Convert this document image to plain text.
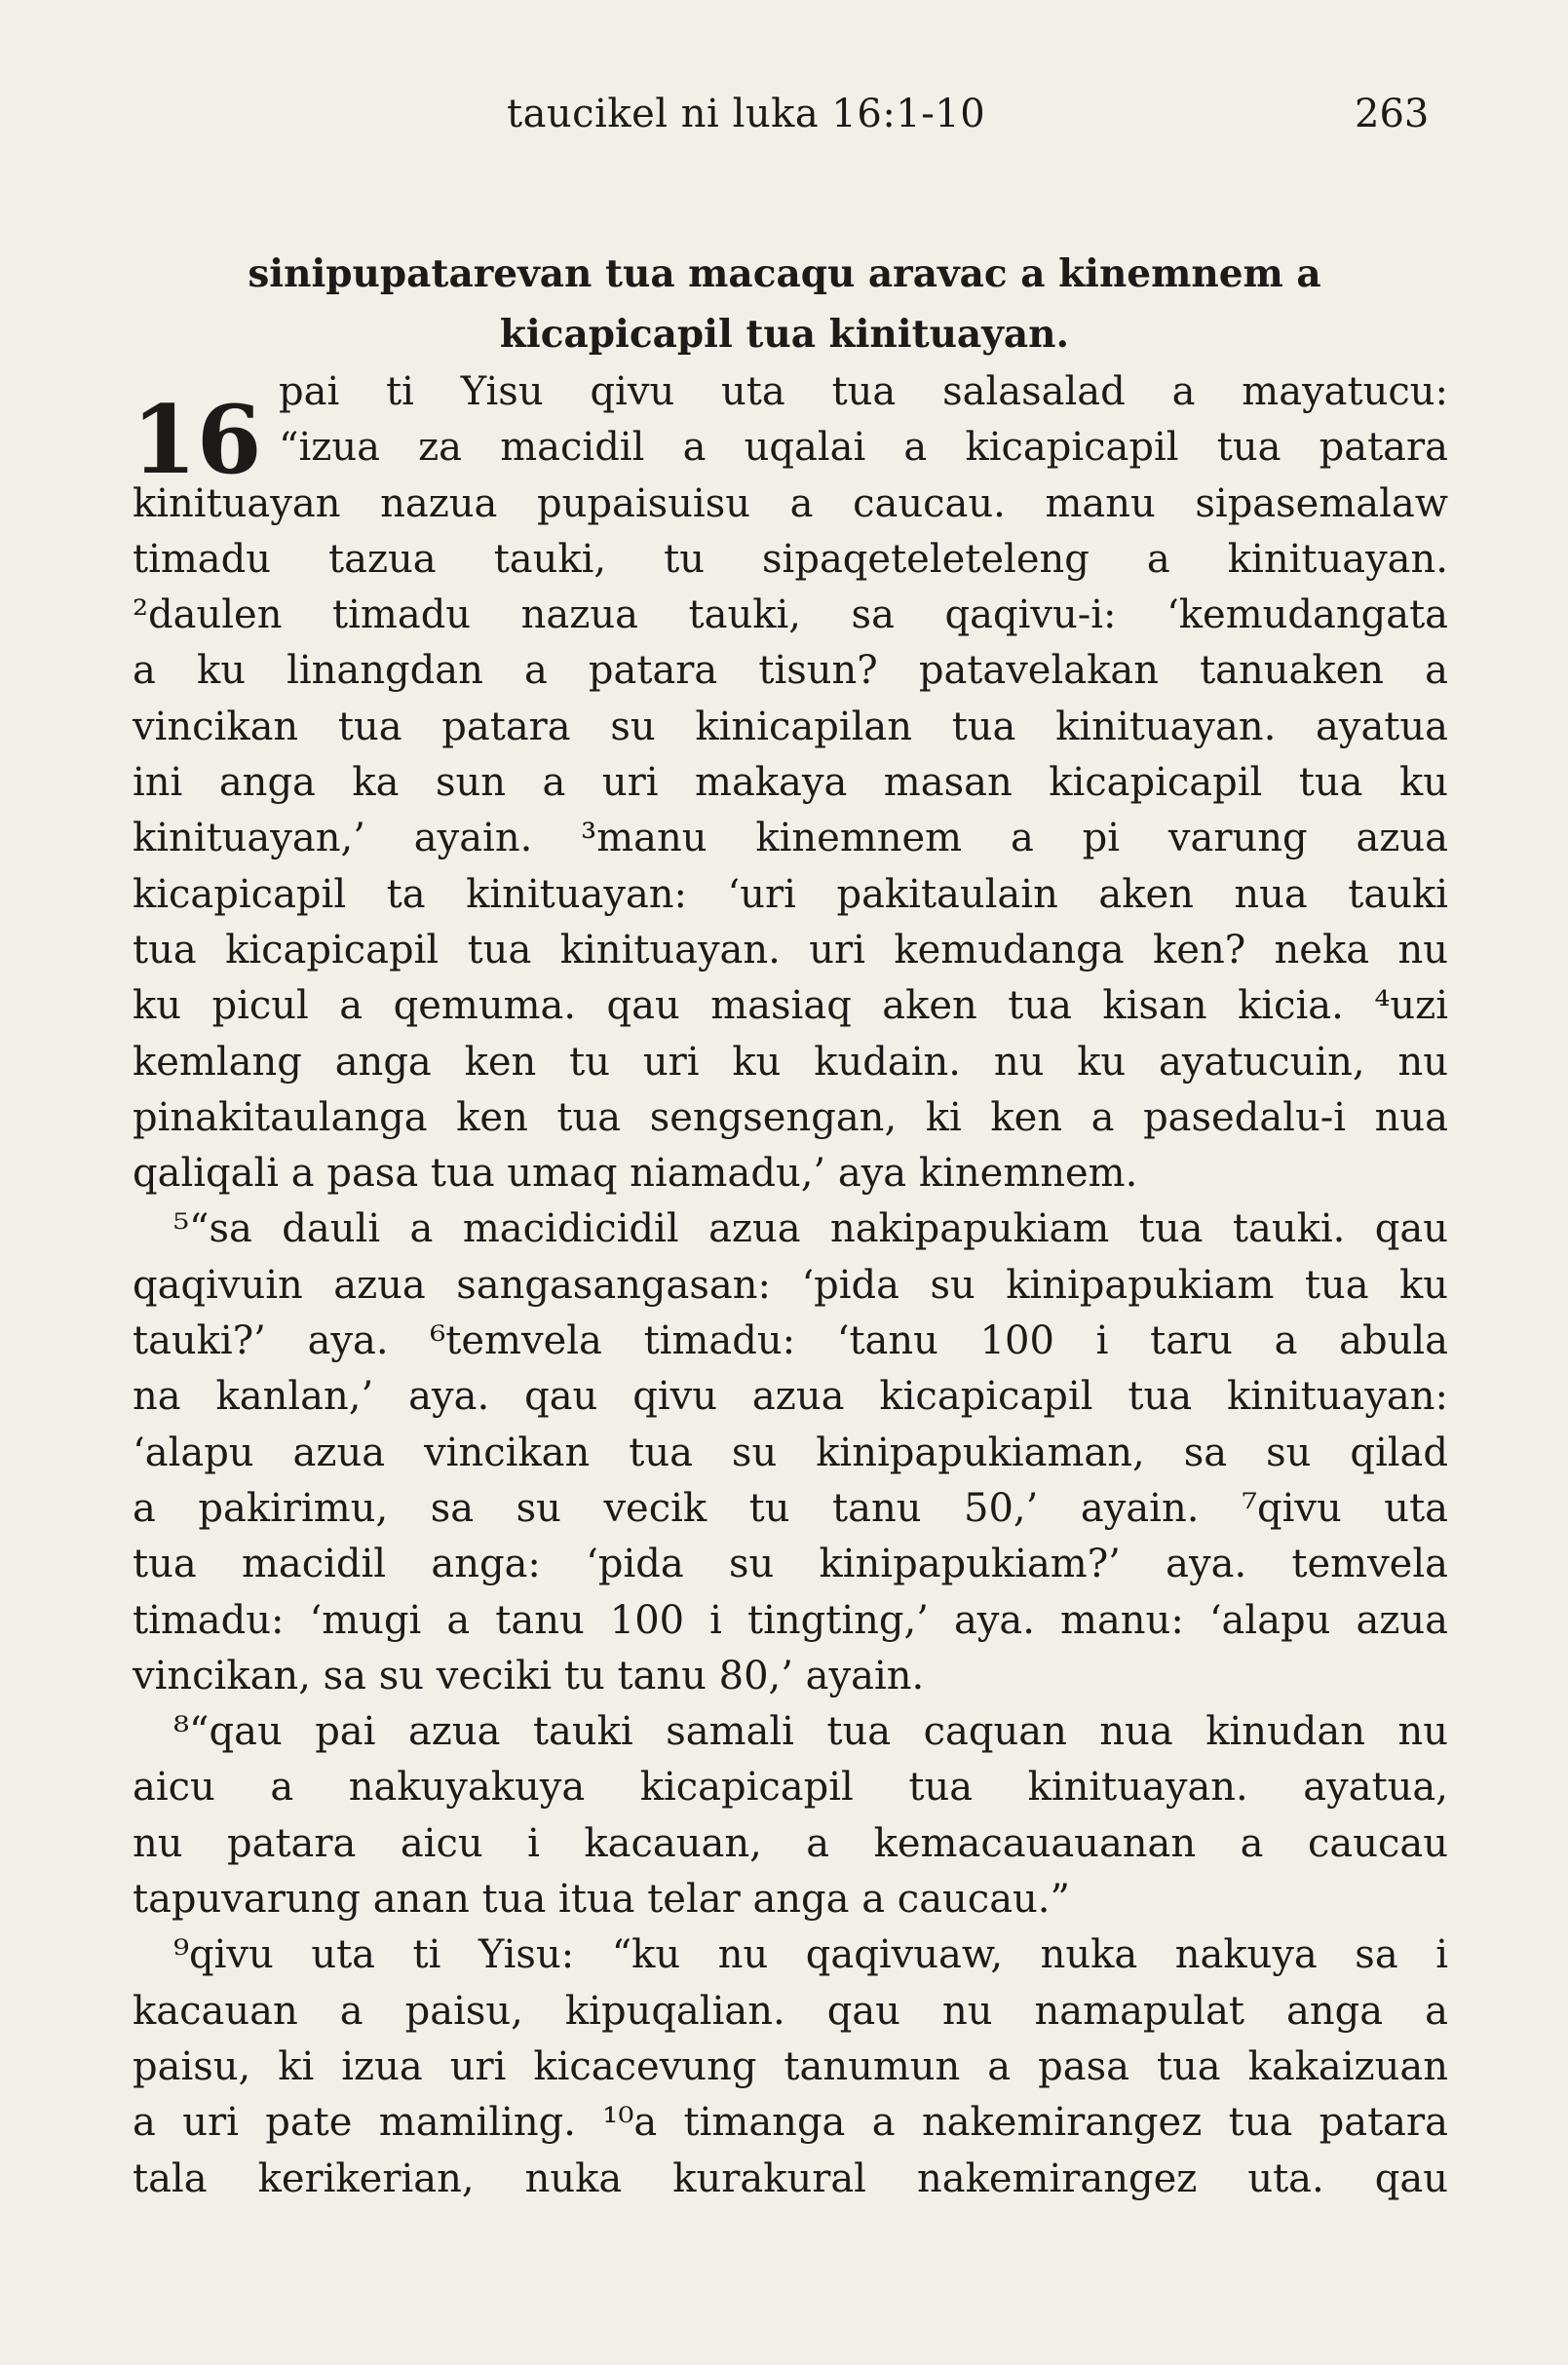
taucikel ni luka 16:1-10	263
sinipupatarevan tua macaqu aravac a kinemnem a
kicapicapil tua kinituayan.
16 pai ti Yisu qivu uta tua salasalad a mayatucu:
“izua za macidil a uqalai a kicapicapil tua patara
kinituayan nazua pupaisuisu a caucau. manu sipasemalaw
timadu tazua tauki, tu sipaqeteleteleng a kinituayan.
²daulen timadu nazua tauki, sa qaqivu-i: ‘kemudangata
a ku linangdan a patara tisun? patavelakan tanuaken a
vincikan tua patara su kinicapilan tua kinituayan. ayatua
ini anga ka sun a uri makaya masan kicapicapil tua ku
kinituayan,’ ayain. ³manu kinemnem a pi varung azua
kicapicapil ta kinituayan: ‘uri pakitaulain aken nua tauki
tua kicapicapil tua kinituayan. uri kemudanga ken? neka nu
ku picul a qemuma. qau masiaq aken tua kisan kicia. ⁴uzi
kemlang anga ken tu uri ku kudain. nu ku ayatucuin, nu
pinakitaulanga ken tua sengsengan, ki ken a pasedalu-i nua
qaliqali a pasa tua umaq niamadu,’ aya kinemnem.
⁵“sa dauli a macidicidil azua nakipapukiam tua tauki. qau
qaqivuin azua sangasangasan: ‘pida su kinipapukiam tua ku
tauki?’ aya. ⁶temvela timadu: ‘tanu 100 i taru a abula
na kanlan,’ aya. qau qivu azua kicapicapil tua kinituayan:
‘alapu azua vincikan tua su kinipapukiaman, sa su qilad
a pakirimu, sa su vecik tu tanu 50,’ ayain. ⁷qivu uta
tua macidil anga: ‘pida su kinipapukiam?’ aya. temvela
timadu: ‘mugi a tanu 100 i tingting,’ aya. manu: ‘alapu azua
vincikan, sa su veciki tu tanu 80,’ ayain.
⁸“qau pai azua tauki samali tua caquan nua kinudan nu
aicu a nakuyakuya kicapicapil tua kinituayan. ayatua,
nu patara aicu i kacauan, a kemacauauanan a caucau
tapuvarung anan tua itua telar anga a caucau.”
⁹qivu uta ti Yisu: “ku nu qaqivuaw, nuka nakuya sa i
kacauan a paisu, kipuqalian. qau nu namapulat anga a
paisu, ki izua uri kicacevung tanumun a pasa tua kakaizuan
a uri pate mamiling. ¹⁰a timanga a nakemirangez tua patara
tala kerikerian, nuka kurakural nakemirangez uta. qau
